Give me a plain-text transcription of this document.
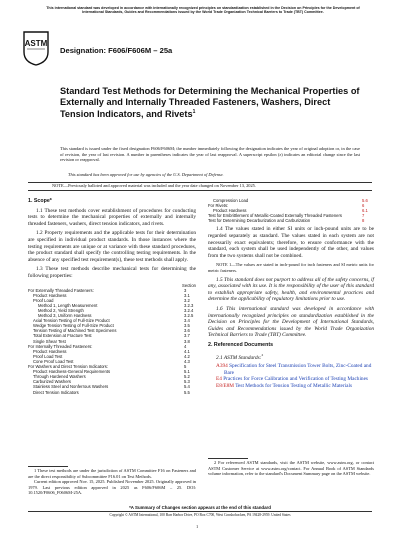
This international standard was developed in accordance with internationally recognized principles on standardization established in the Decision on Principles for the Development of International Standards, Guides and Recommendations issued by the World Trade Organization Technical Barriers to Trade (TBT) Committee.
ASTM
Designation: F606/F606M – 25a
Standard Test Methods for Determining the Mechanical Properties of Externally and Internally Threaded Fasteners, Washers, Direct Tension Indicators, and Rivets$^1$
This standard is issued under the fixed designation F606/F606M; the number immediately following the designation indicates the year of original adoption or, in the case of revision, the year of last revision. A number in parentheses indicates the year of last reapproval. A superscript epsilon (ε) indicates an editorial change since the last revision or reapproval.
This standard has been approved for use by agencies of the U.S. Department of Defense.
NOTE—Previously balloted and approved material was included and the year date changed on November 13, 2025.
1. Scope*

1.1 These test methods cover establishment of procedures for conducting tests to determine the mechanical properties of externally and internally threaded fasteners, washers, direct tension indicators, and rivets.

1.2 Property requirements and the applicable tests for their determination are specified in individual product standards. In those instances where the testing requirements are unique or at variance with these standard procedures, the product standard shall specify the controlling testing requirements. In the absence of any specified test requirement(s), these test methods shall apply.

1.3 These test methods describe mechanical tests for determining the following properties:

Section
For Externally Threaded Fasteners:	3
Product Hardness	3.1
Proof Load	3.2
Method 1, Length Measurement	3.2.3
Method 2, Yield Strength	3.2.4
Method 3, Uniform Hardness	3.2.5
Axial Tension Testing of Full-Size Product	3.4
Wedge Tension Testing of Full-Size Product	3.5
Tension Testing of Machined Test Specimens	3.6
Total Extension at Fracture Test	3.7
Single Shear Test	3.8
For Internally Threaded Fasteners:	4
Product Hardness	4.1
Proof Load Test	4.2
Cone Proof Load Test	4.3
For Washers and Direct Tension Indicators:	5
Product Hardness-General Requirements	5.1
Through Hardened Washers	5.2
Carburized Washers	5.3
Stainless Steel and Nonferrous Washers	5.4
Direct Tension Indicators	5.5
Compression Load	5.6
For Rivets:	6
Product Hardness	6.1
Test for Embrittlement of Metallic-Coated Externally Threaded Fasteners	7
Test for Determining Decarburization and Carburization	8

1.4 The values stated in either SI units or inch-pound units are to be regarded separately as standard. The values stated in each system are not necessarily exact equivalents; therefore, to ensure conformance with the standard, each system shall be used independently of the other, and values from the two systems shall not be combined.

NOTE 1—The values are stated in inch-pound for inch fasteners and SI metric units for metric fasteners.

1.5 This standard does not purport to address all of the safety concerns, if any, associated with its use. It is the responsibility of the user of this standard to establish appropriate safety, health, and environmental practices and determine the applicability of regulatory limitations prior to use.

1.6 This international standard was developed in accordance with internationally recognized principles on standardization established in the Decision on Principles for the Development of International Standards, Guides and Recommendations issued by the World Trade Organization Technical Barriers to Trade (TBT) Committee.

2. Referenced Documents
2.1 ASTM Standards:$^2$
A394 Specification for Steel Transmission Tower Bolts, Zinc-Coated and Bare
E4 Practices for Force Calibration and Verification of Testing Machines
E8/E8M Test Methods for Tension Testing of Metallic Materials
1 These test methods are under the jurisdiction of ASTM Committee F16 on Fasteners and are the direct responsibility of Subcommittee F16.01 on Test Methods.
Current edition approved Nov. 15, 2025. Published November 2025. Originally approved in 1979. Last previous edition approved in 2025 as F606/F606M – 25. DOI: 10.1520/F0606_F0606M-25A.
2 For referenced ASTM standards, visit the ASTM website, www.astm.org, or contact ASTM Customer Service at www.astm.org/contact. For Annual Book of ASTM Standards volume information, refer to the standard's Document Summary page on the ASTM website.
*A Summary of Changes section appears at the end of this standard
Copyright © ASTM International, 100 Barr Harbor Drive, PO Box C700, West Conshohocken, PA 19428-2959. United States
1
